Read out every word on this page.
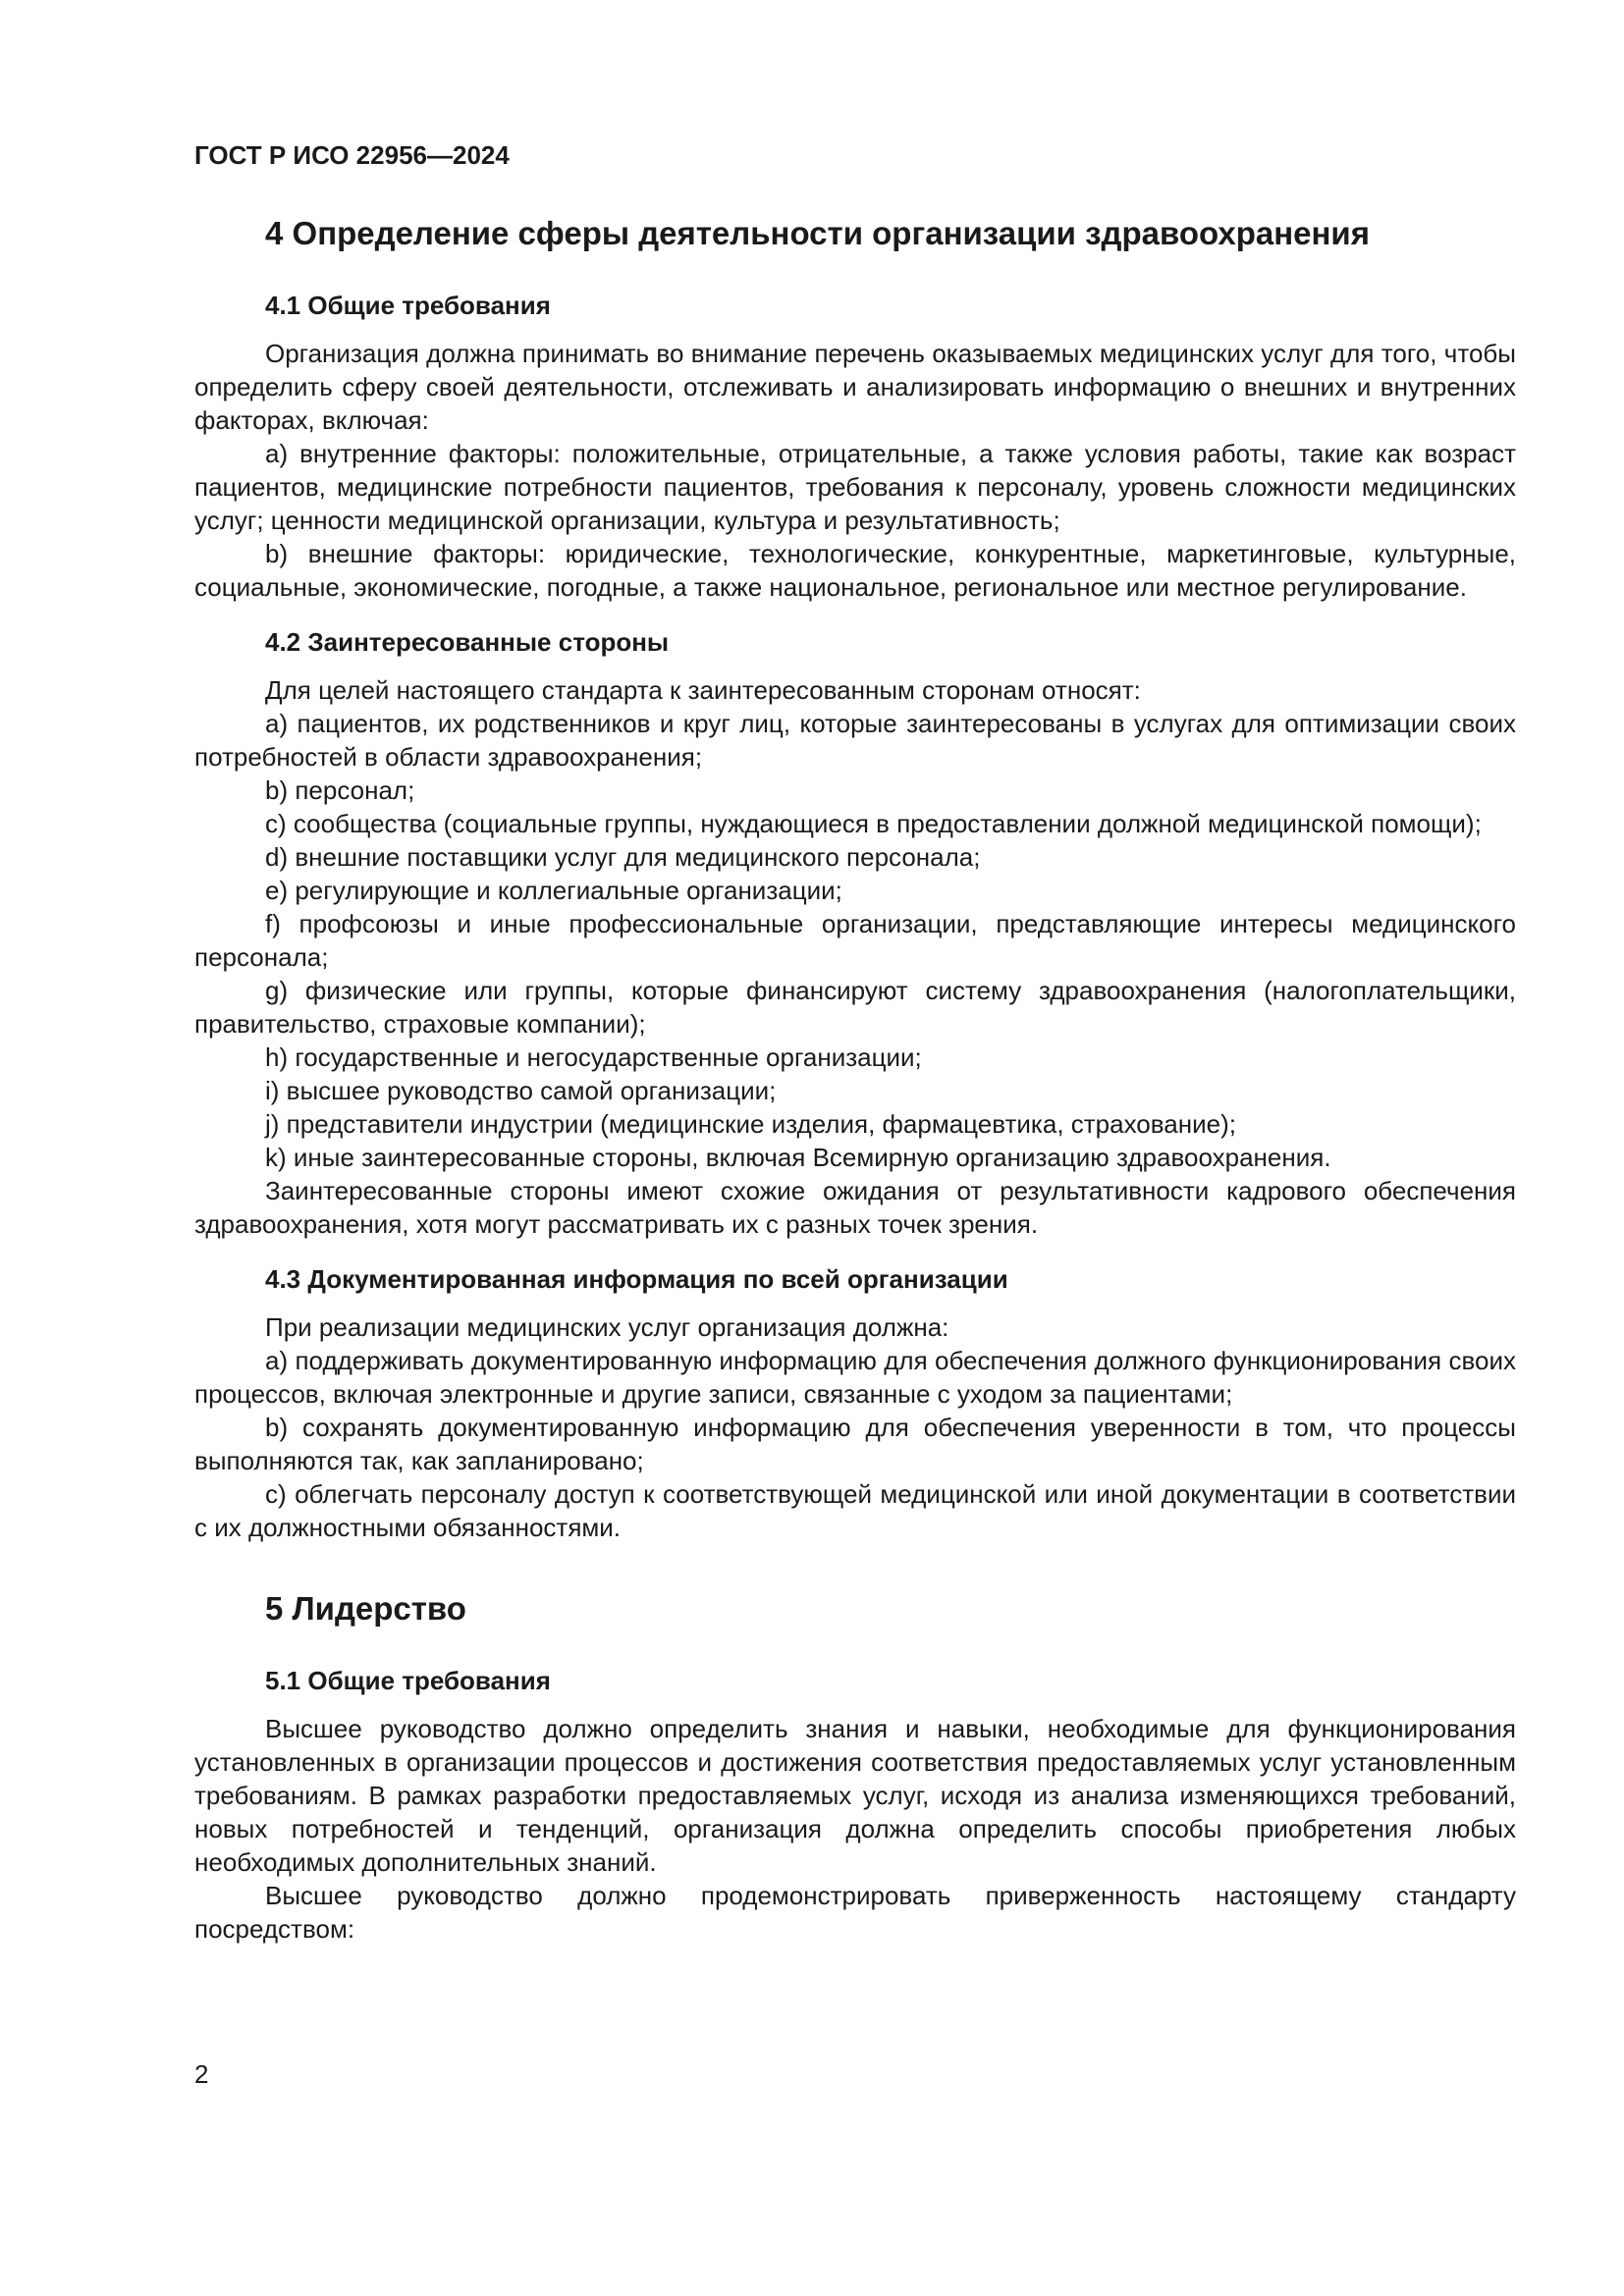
ГОСТ Р ИСО 22956—2024
4 Определение сферы деятельности организации здравоохранения
4.1 Общие требования

Организация должна принимать во внимание перечень оказываемых медицинских услуг для того, чтобы определить сферу своей деятельности, отслеживать и анализировать информацию о внешних и внутренних факторах, включая:

a) внутренние факторы: положительные, отрицательные, а также условия работы, такие как возраст пациентов, медицинские потребности пациентов, требования к персоналу, уровень сложности медицинских услуг; ценности медицинской организации, культура и результативность;

b) внешние факторы: юридические, технологические, конкурентные, маркетинговые, культурные, социальные, экономические, погодные, а также национальное, региональное или местное регулирование.

4.2 Заинтересованные стороны

Для целей настоящего стандарта к заинтересованным сторонам относят:

a) пациентов, их родственников и круг лиц, которые заинтересованы в услугах для оптимизации своих потребностей в области здравоохранения;

b) персонал;

c) сообщества (социальные группы, нуждающиеся в предоставлении должной медицинской помощи);

d) внешние поставщики услуг для медицинского персонала;

e) регулирующие и коллегиальные организации;

f) профсоюзы и иные профессиональные организации, представляющие интересы медицинского персонала;

g) физические или группы, которые финансируют систему здравоохранения (налогоплательщики, правительство, страховые компании);

h) государственные и негосударственные организации;

i) высшее руководство самой организации;

j) представители индустрии (медицинские изделия, фармацевтика, страхование);

k) иные заинтересованные стороны, включая Всемирную организацию здравоохранения.

Заинтересованные стороны имеют схожие ожидания от результативности кадрового обеспечения здравоохранения, хотя могут рассматривать их с разных точек зрения.

4.3 Документированная информация по всей организации

При реализации медицинских услуг организация должна:

a) поддерживать документированную информацию для обеспечения должного функционирования своих процессов, включая электронные и другие записи, связанные с уходом за пациентами;

b) сохранять документированную информацию для обеспечения уверенности в том, что процессы выполняются так, как запланировано;

c) облегчать персоналу доступ к соответствующей медицинской или иной документации в соответствии с их должностными обязанностями.

5 Лидерство
5.1 Общие требования

Высшее руководство должно определить знания и навыки, необходимые для функционирования установленных в организации процессов и достижения соответствия предоставляемых услуг установленным требованиям. В рамках разработки предоставляемых услуг, исходя из анализа изменяющихся требований, новых потребностей и тенденций, организация должна определить способы приобретения любых необходимых дополнительных знаний.

Высшее руководство должно продемонстрировать приверженность настоящему стандарту посредством:

2
